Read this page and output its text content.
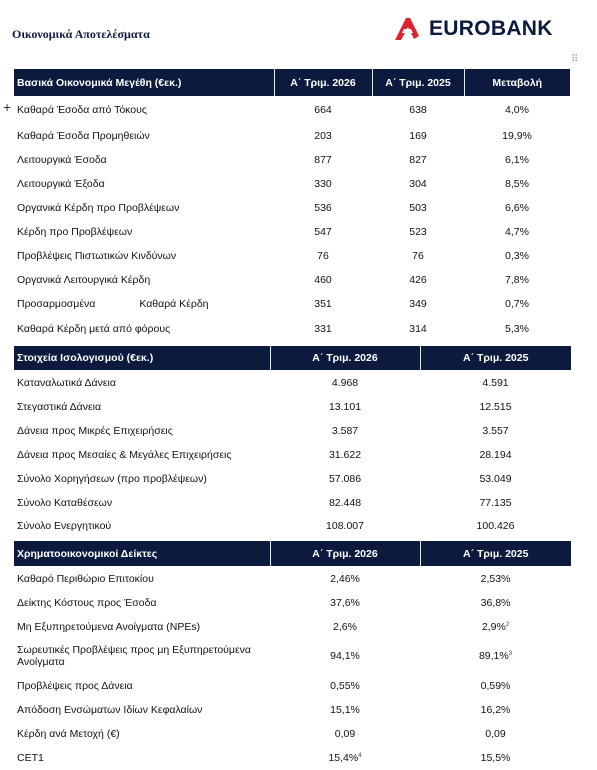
Οικονομικά Αποτελέσματα	EUROBANK
⠿
+
Βασικά Οικονομικά Μεγέθη (€εκ.)	Α΄ Τριμ. 2026	Α΄ Τριμ. 2025	Μεταβολή
Καθαρά Έσοδα από Τόκους	664	638	4,0%
Καθαρά Έσοδα Προμηθειών	203	169	19,9%
Λειτουργικά Έσοδα	877	827	6,1%
Λειτουργικά Έξοδα	330	304	8,5%
Οργανικά Κέρδη προ Προβλέψεων	536	503	6,6%
Κέρδη προ Προβλέψεων	547	523	4,7%
Προβλέψεις Πιστωτικών Κινδύνων	76	76	0,3%
Οργανικά Λειτουργικά Κέρδη	460	426	7,8%
Προσαρμοσμένα Καθαρά Κέρδη	351	349	0,7%
Καθαρά Κέρδη μετά από φόρους	331	314	5,3%
Στοιχεία Ισολογισμού (€εκ.)	Α΄ Τριμ. 2026	Α΄ Τριμ. 2025
Καταναλωτικά Δάνεια	4.968	4.591
Στεγαστικά Δάνεια	13.101	12.515
Δάνεια προς Μικρές Επιχειρήσεις	3.587	3.557
Δάνεια προς Μεσαίες & Μεγάλες Επιχειρήσεις	31.622	28.194
Σύνολο Χορηγήσεων (προ προβλέψεων)	57.086	53.049
Σύνολο Καταθέσεων	82.448	77.135
Σύνολο Ενεργητικού	108.007	100.426
Χρηματοοικονομικοί Δείκτες	Α΄ Τριμ. 2026	Α΄ Τριμ. 2025
Καθαρό Περιθώριο Επιτοκίου	2,46%	2,53%
Δείκτης Κόστους προς Έσοδα	37,6%	36,8%
Μη Εξυπηρετούμενα Ανοίγματα (NPEs)	2,6%	2,9%$^2$
Σωρευτικές Προβλέψεις προς μη Εξυπηρετούμενα Ανοίγματα	94,1%	89,1%$^3$
Προβλέψεις προς Δάνεια	0,55%	0,59%
Απόδοση Ενσώματων Ιδίων Κεφαλαίων	15,1%	16,2%
Κέρδη ανά Μετοχή (€)	0,09	0,09
CET1	15,4%$^4$	15,5%
